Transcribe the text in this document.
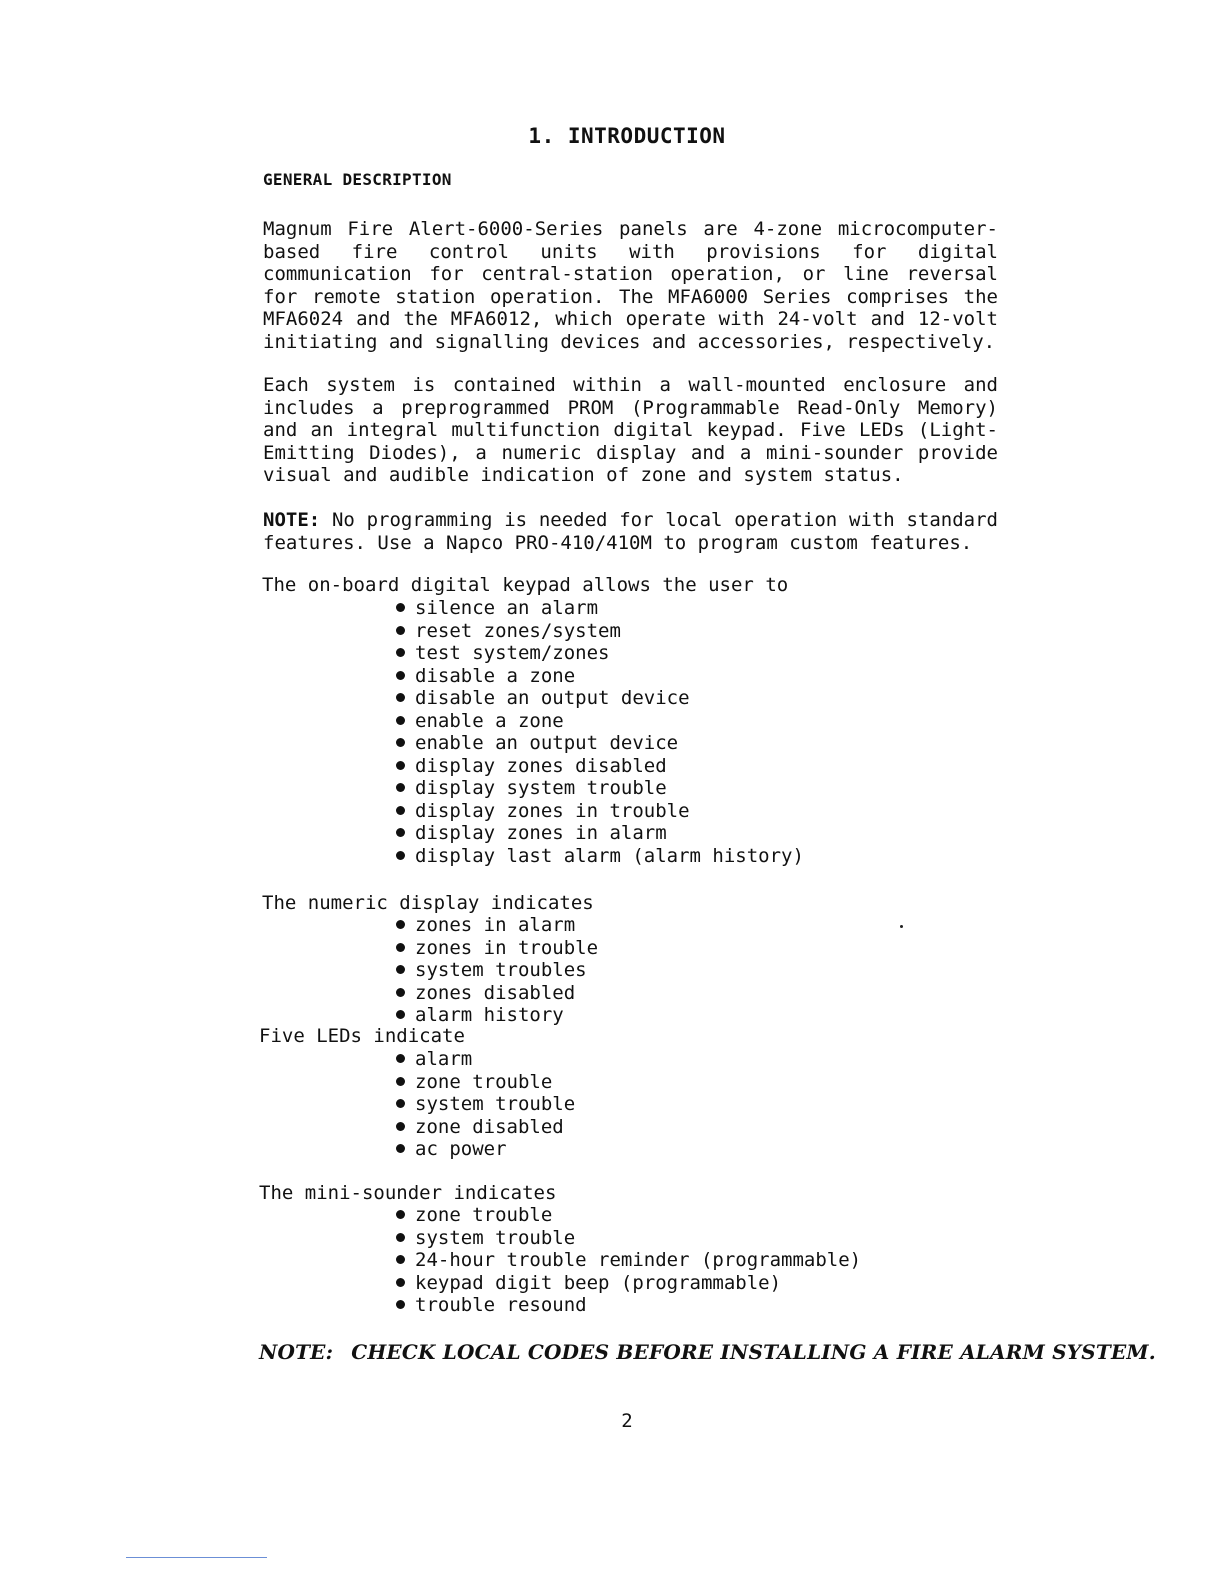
1. INTRODUCTION
GENERAL DESCRIPTION

Magnum Fire Alert-6000-Series panels are 4-zone microcomputer-based fire control units with provisions for digital communication for central-station operation, or line reversal for remote station operation. The MFA6000 Series comprises the MFA6024 and the MFA6012, which operate with 24-volt and 12-volt initiating and signalling devices and accessories, respectively.

Each system is contained within a wall-mounted enclosure and includes a preprogrammed PROM (Programmable Read-Only Memory) and an integral multifunction digital keypad. Five LEDs (Light-Emitting Diodes), a numeric display and a mini-sounder provide visual and audible indication of zone and system status.

NOTE: No programming is needed for local operation with standard features. Use a Napco PRO-410/410M to program custom features.

The on-board digital keypad allows the user to
silence an alarm
reset zones/system
test system/zones
disable a zone
disable an output device
enable a zone
enable an output device
display zones disabled
display system trouble
display zones in trouble
display zones in alarm
display last alarm (alarm history)
The numeric display indicates
zones in alarm
zones in trouble
system troubles
zones disabled
alarm history
Five LEDs indicate
alarm
zone trouble
system trouble
zone disabled
ac power
The mini-sounder indicates
zone trouble
system trouble
24-hour trouble reminder (programmable)
keypad digit beep (programmable)
trouble resound
NOTE: CHECK LOCAL CODES BEFORE INSTALLING A FIRE ALARM SYSTEM.
2
